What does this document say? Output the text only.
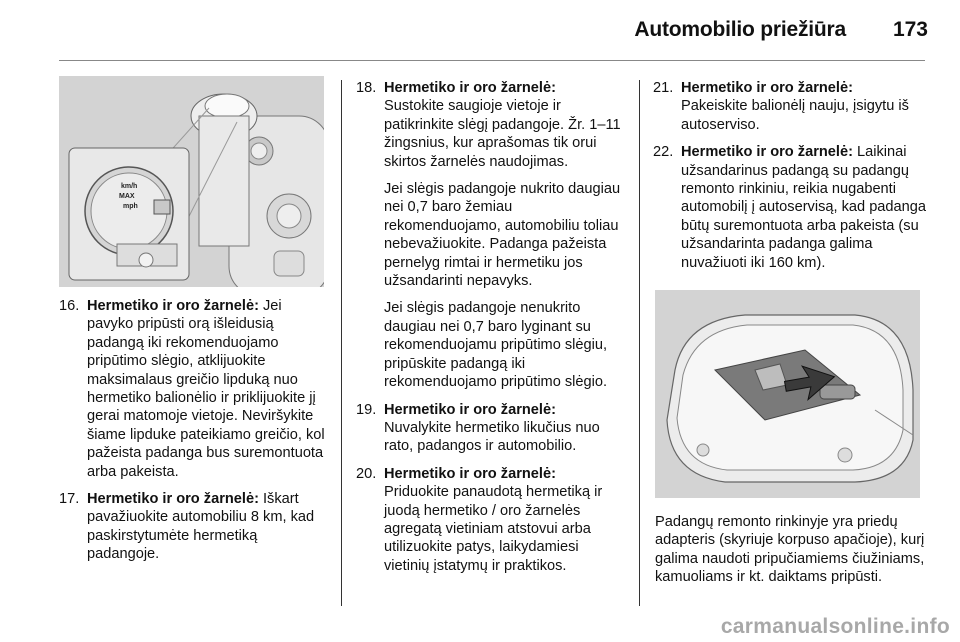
Automobilio priežiūra	173
km/h
MAX
mph
16. Hermetiko ir oro žarnelė: Jei pavyko pripūsti orą išleidusią padangą iki rekomenduojamo pripūtimo slėgio, atklijuokite maksimalaus greičio lipduką nuo hermetiko balionėlio ir priklijuokite jį gerai matomoje vietoje. Neviršykite šiame lipduke pateikiamo greičio, kol pažeista padanga bus suremontuota arba pakeista.
17. Hermetiko ir oro žarnelė: Iškart pavažiuokite automobiliu 8 km, kad paskirstytumėte hermetiką padangoje.
18. Hermetiko ir oro žarnelė:
Sustokite saugioje vietoje ir patikrinkite slėgį padangoje. Žr. 1–11 žingsnius, kur aprašomas tik orui skirtos žarnelės naudojimas.

Jei slėgis padangoje nukrito daugiau nei 0,7 baro žemiau rekomenduojamo, automobiliu toliau nebevažiuokite. Padanga pažeista pernelyg rimtai ir hermetiku jos užsandarinti nepavyks.

Jei slėgis padangoje nenukrito daugiau nei 0,7 baro lyginant su rekomenduojamu pripūtimo slėgiu, pripūskite padangą iki rekomenduojamo pripūtimo slėgio.

19. Hermetiko ir oro žarnelė:
Nuvalykite hermetiko likučius nuo rato, padangos ir automobilio.
20. Hermetiko ir oro žarnelė:
Priduokite panaudotą hermetiką ir juodą hermetiko / oro žarnelės agregatą vietiniam atstovui arba utilizuokite patys, laikydamiesi vietinių įstatymų ir praktikos.
21. Hermetiko ir oro žarnelė:
Pakeiskite balionėlį nauju, įsigytu iš autoserviso.
22. Hermetiko ir oro žarnelė: Laikinai užsandarinus padangą su padangų remonto rinkiniu, reikia nugabenti automobilį į autoservisą, kad padanga būtų suremontuota arba pakeista (su užsandarinta padanga galima nuvažiuoti iki 160 km).
Padangų remonto rinkinyje yra priedų adapteris (skyriuje korpuso apačioje), kurį galima naudoti pripučiamiems čiužiniams, kamuoliams ir kt. daiktams pripūsti.
carmanualsonline.info
